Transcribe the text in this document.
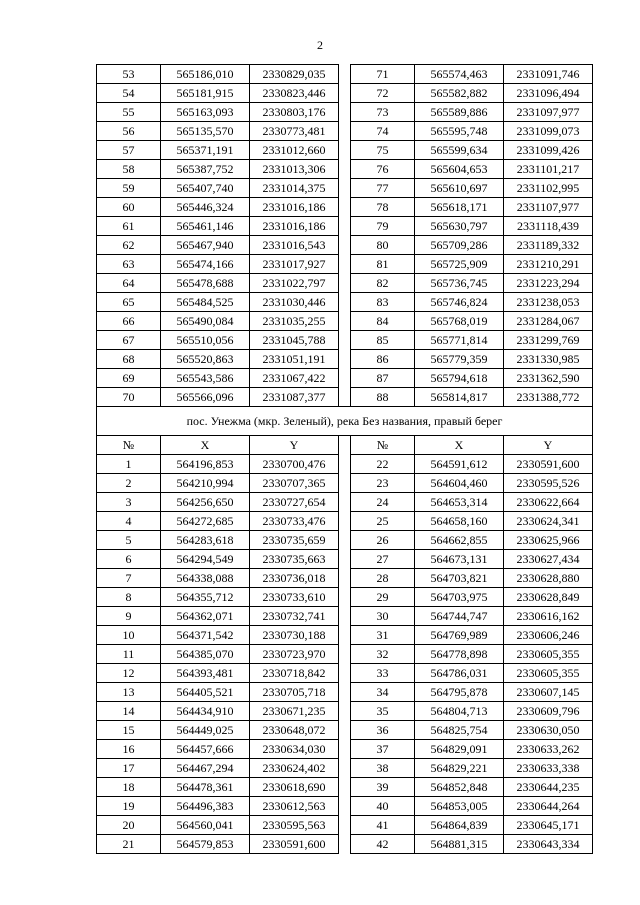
2
53	565186,010	2330829,035		71	565574,463	2331091,746
54	565181,915	2330823,446		72	565582,882	2331096,494
55	565163,093	2330803,176		73	565589,886	2331097,977
56	565135,570	2330773,481		74	565595,748	2331099,073
57	565371,191	2331012,660		75	565599,634	2331099,426
58	565387,752	2331013,306		76	565604,653	2331101,217
59	565407,740	2331014,375		77	565610,697	2331102,995
60	565446,324	2331016,186		78	565618,171	2331107,977
61	565461,146	2331016,186		79	565630,797	2331118,439
62	565467,940	2331016,543		80	565709,286	2331189,332
63	565474,166	2331017,927		81	565725,909	2331210,291
64	565478,688	2331022,797		82	565736,745	2331223,294
65	565484,525	2331030,446		83	565746,824	2331238,053
66	565490,084	2331035,255		84	565768,019	2331284,067
67	565510,056	2331045,788		85	565771,814	2331299,769
68	565520,863	2331051,191		86	565779,359	2331330,985
69	565543,586	2331067,422		87	565794,618	2331362,590
70	565566,096	2331087,377		88	565814,817	2331388,772
пос. Унежма (мкр. Зеленый), река Без названия, правый берег						
№	X	Y		№	X	Y
1	564196,853	2330700,476		22	564591,612	2330591,600
2	564210,994	2330707,365		23	564604,460	2330595,526
3	564256,650	2330727,654		24	564653,314	2330622,664
4	564272,685	2330733,476		25	564658,160	2330624,341
5	564283,618	2330735,659		26	564662,855	2330625,966
6	564294,549	2330735,663		27	564673,131	2330627,434
7	564338,088	2330736,018		28	564703,821	2330628,880
8	564355,712	2330733,610		29	564703,975	2330628,849
9	564362,071	2330732,741		30	564744,747	2330616,162
10	564371,542	2330730,188		31	564769,989	2330606,246
11	564385,070	2330723,970		32	564778,898	2330605,355
12	564393,481	2330718,842		33	564786,031	2330605,355
13	564405,521	2330705,718		34	564795,878	2330607,145
14	564434,910	2330671,235		35	564804,713	2330609,796
15	564449,025	2330648,072		36	564825,754	2330630,050
16	564457,666	2330634,030		37	564829,091	2330633,262
17	564467,294	2330624,402		38	564829,221	2330633,338
18	564478,361	2330618,690		39	564852,848	2330644,235
19	564496,383	2330612,563		40	564853,005	2330644,264
20	564560,041	2330595,563		41	564864,839	2330645,171
21	564579,853	2330591,600		42	564881,315	2330643,334
